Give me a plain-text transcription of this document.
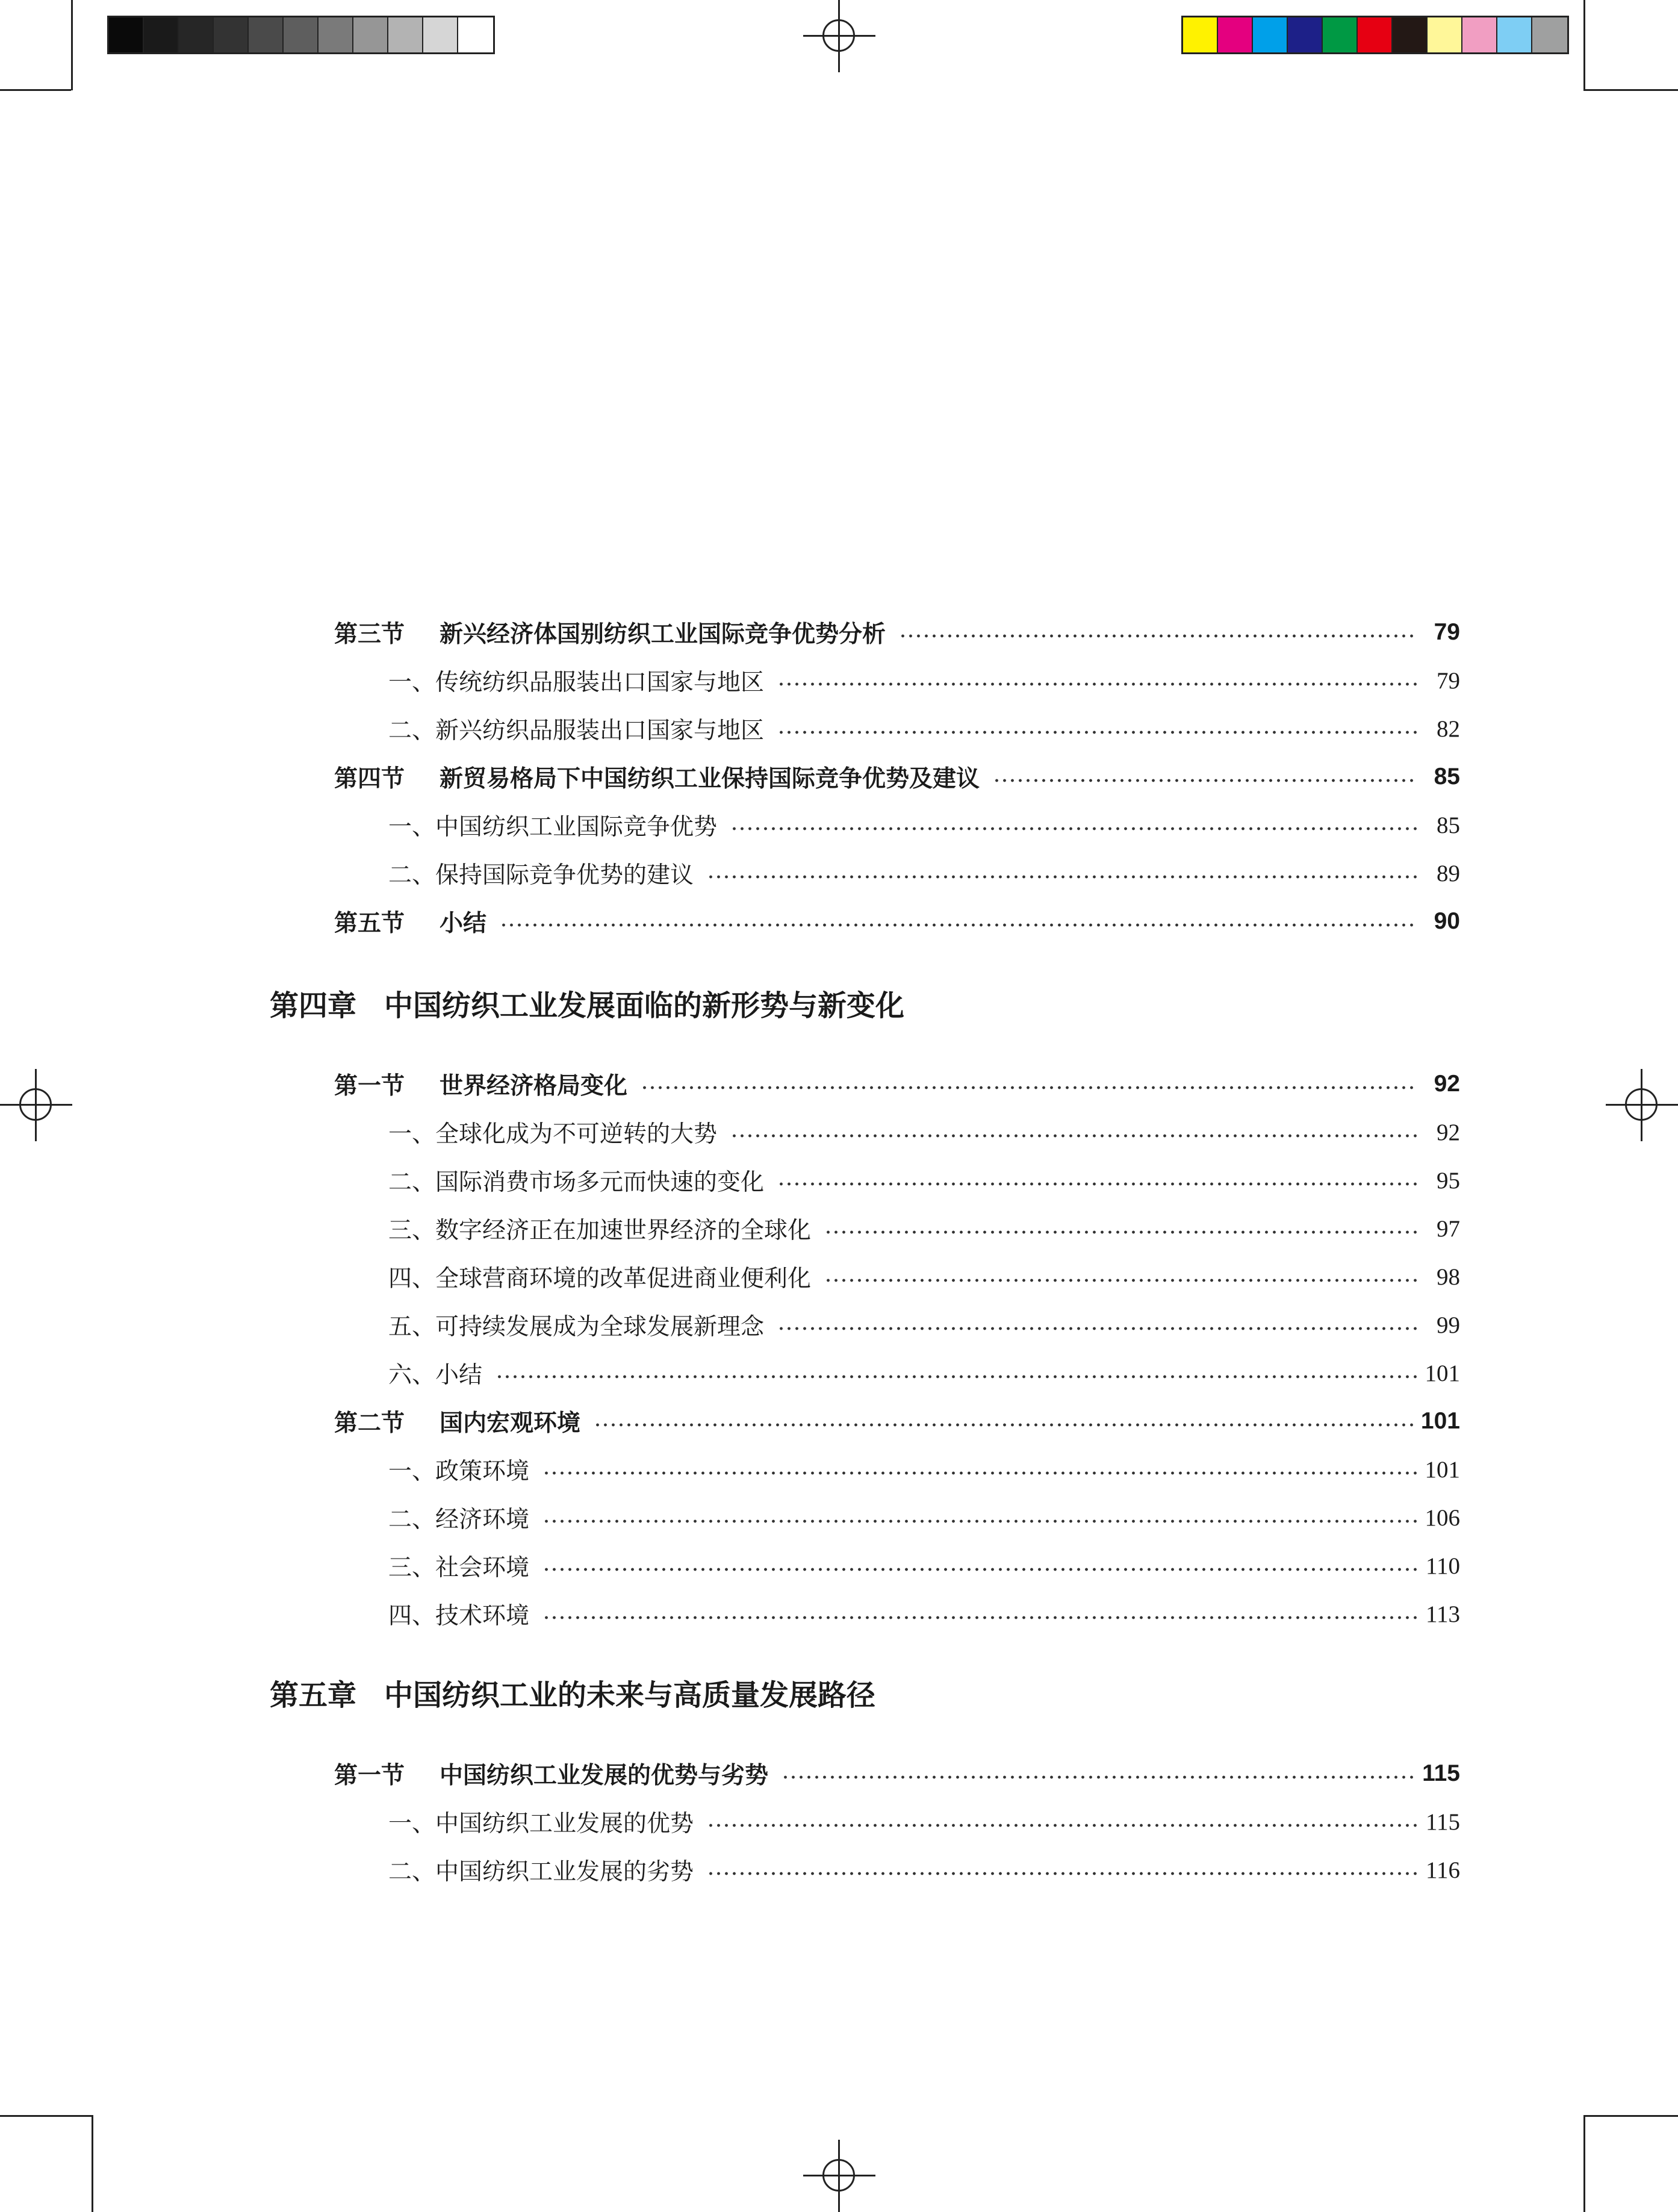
第三节	新兴经济体国别纺织工业国际竞争优势分析	79
一、传统纺织品服装出口国家与地区	79
二、新兴纺织品服装出口国家与地区	82
第四节	新贸易格局下中国纺织工业保持国际竞争优势及建议	85
一、中国纺织工业国际竞争优势	85
二、保持国际竞争优势的建议	89
第五节	小结	90
第四章 中国纺织工业发展面临的新形势与新变化
第一节	世界经济格局变化	92
一、全球化成为不可逆转的大势	92
二、国际消费市场多元而快速的变化	95
三、数字经济正在加速世界经济的全球化	97
四、全球营商环境的改革促进商业便利化	98
五、可持续发展成为全球发展新理念	99
六、小结	101
第二节	国内宏观环境	101
一、政策环境	101
二、经济环境	106
三、社会环境	110
四、技术环境	113
第五章 中国纺织工业的未来与高质量发展路径
第一节	中国纺织工业发展的优势与劣势	115
一、中国纺织工业发展的优势	115
二、中国纺织工业发展的劣势	116
